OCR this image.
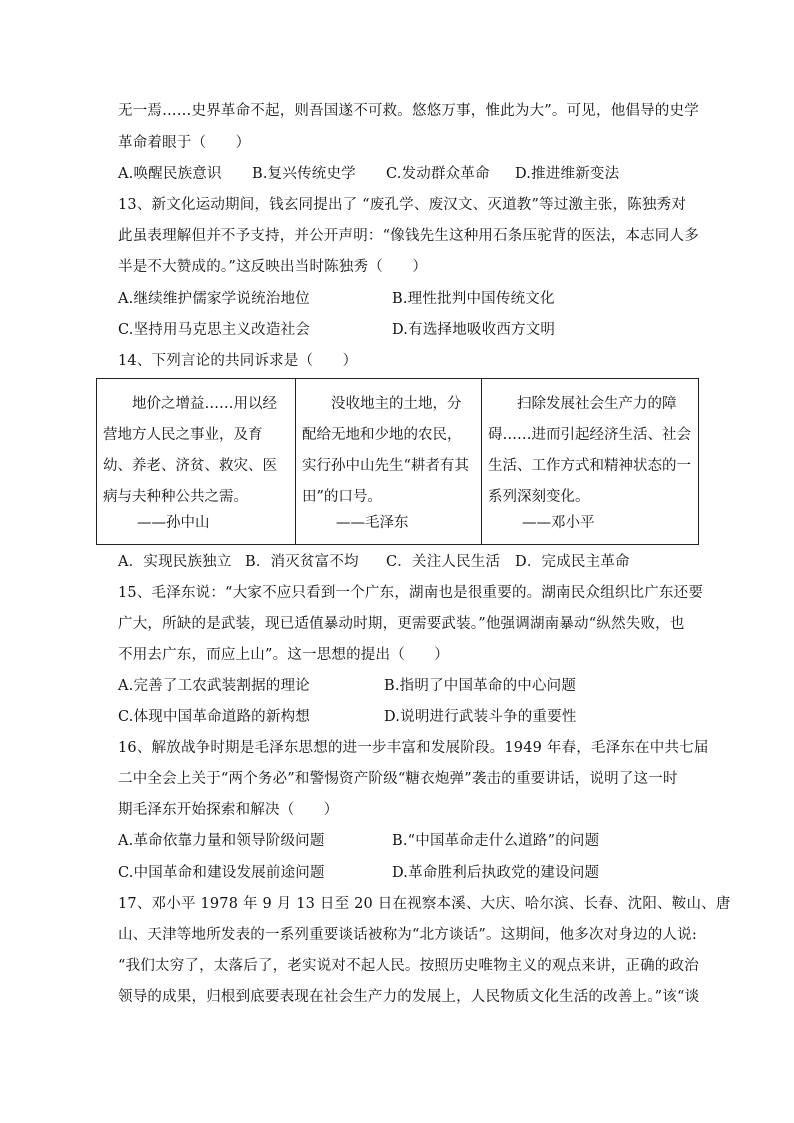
无一焉……史界革命不起，则吾国遂不可救。悠悠万事，惟此为大”。可见，他倡导的史学
革命着眼于（　　）
A.唤醒民族意识 B.复兴传统史学 C.发动群众革命 D.推进维新变法
13、新文化运动期间，钱玄同提出了 “废孔学、废汉文、灭道教”等过激主张，陈独秀对
此虽表理解但并不予支持，并公开声明：“像钱先生这种用石条压驼背的医法，本志同人多
半是不大赞成的。”这反映出当时陈独秀（　　）
A.继续维护儒家学说统治地位	B.理性批判中国传统文化
C.坚持用马克思主义改造社会	D.有选择地吸收西方文明
14、下列言论的共同诉求是（　　）
地价之增益……用以经营地方人民之事业，及育幼、养老、济贫、救灾、医病与夫种种公共之需。
——孙中山

没收地主的土地，分配给无地和少地的农民，实行孙中山先生“耕者有其田”的口号。
——毛泽东

扫除发展社会生产力的障碍……进而引起经济生活、社会生活、工作方式和精神状态的一系列深刻变化。
——邓小平
A．实现民族独立 B．消灭贫富不均 C．关注人民生活 D．完成民主革命
15、毛泽东说：“大家不应只看到一个广东，湖南也是很重要的。湖南民众组织比广东还要
广大，所缺的是武装，现已适值暴动时期，更需要武装。”他强调湖南暴动“纵然失败，也
不用去广东，而应上山”。这一思想的提出（　　）
A.完善了工农武装割据的理论	B.指明了中国革命的中心问题
C.体现中国革命道路的新构想	D.说明进行武装斗争的重要性
16、解放战争时期是毛泽东思想的进一步丰富和发展阶段。1949 年春，毛泽东在中共七届
二中全会上关于“两个务必”和警惕资产阶级“糖衣炮弹”袭击的重要讲话，说明了这一时
期毛泽东开始探索和解决（　　）
A.革命依靠力量和领导阶级问题	B.“中国革命走什么道路”的问题
C.中国革命和建设发展前途问题	D.革命胜利后执政党的建设问题
17、邓小平 1978 年 9 月 13 日至 20 日在视察本溪、大庆、哈尔滨、长春、沈阳、鞍山、唐
山、天津等地所发表的一系列重要谈话被称为“北方谈话”。这期间，他多次对身边的人说:
“我们太穷了，太落后了，老实说对不起人民。按照历史唯物主义的观点来讲，正确的政治
领导的成果，归根到底要表现在社会生产力的发展上，人民物质文化生活的改善上。”该“谈
